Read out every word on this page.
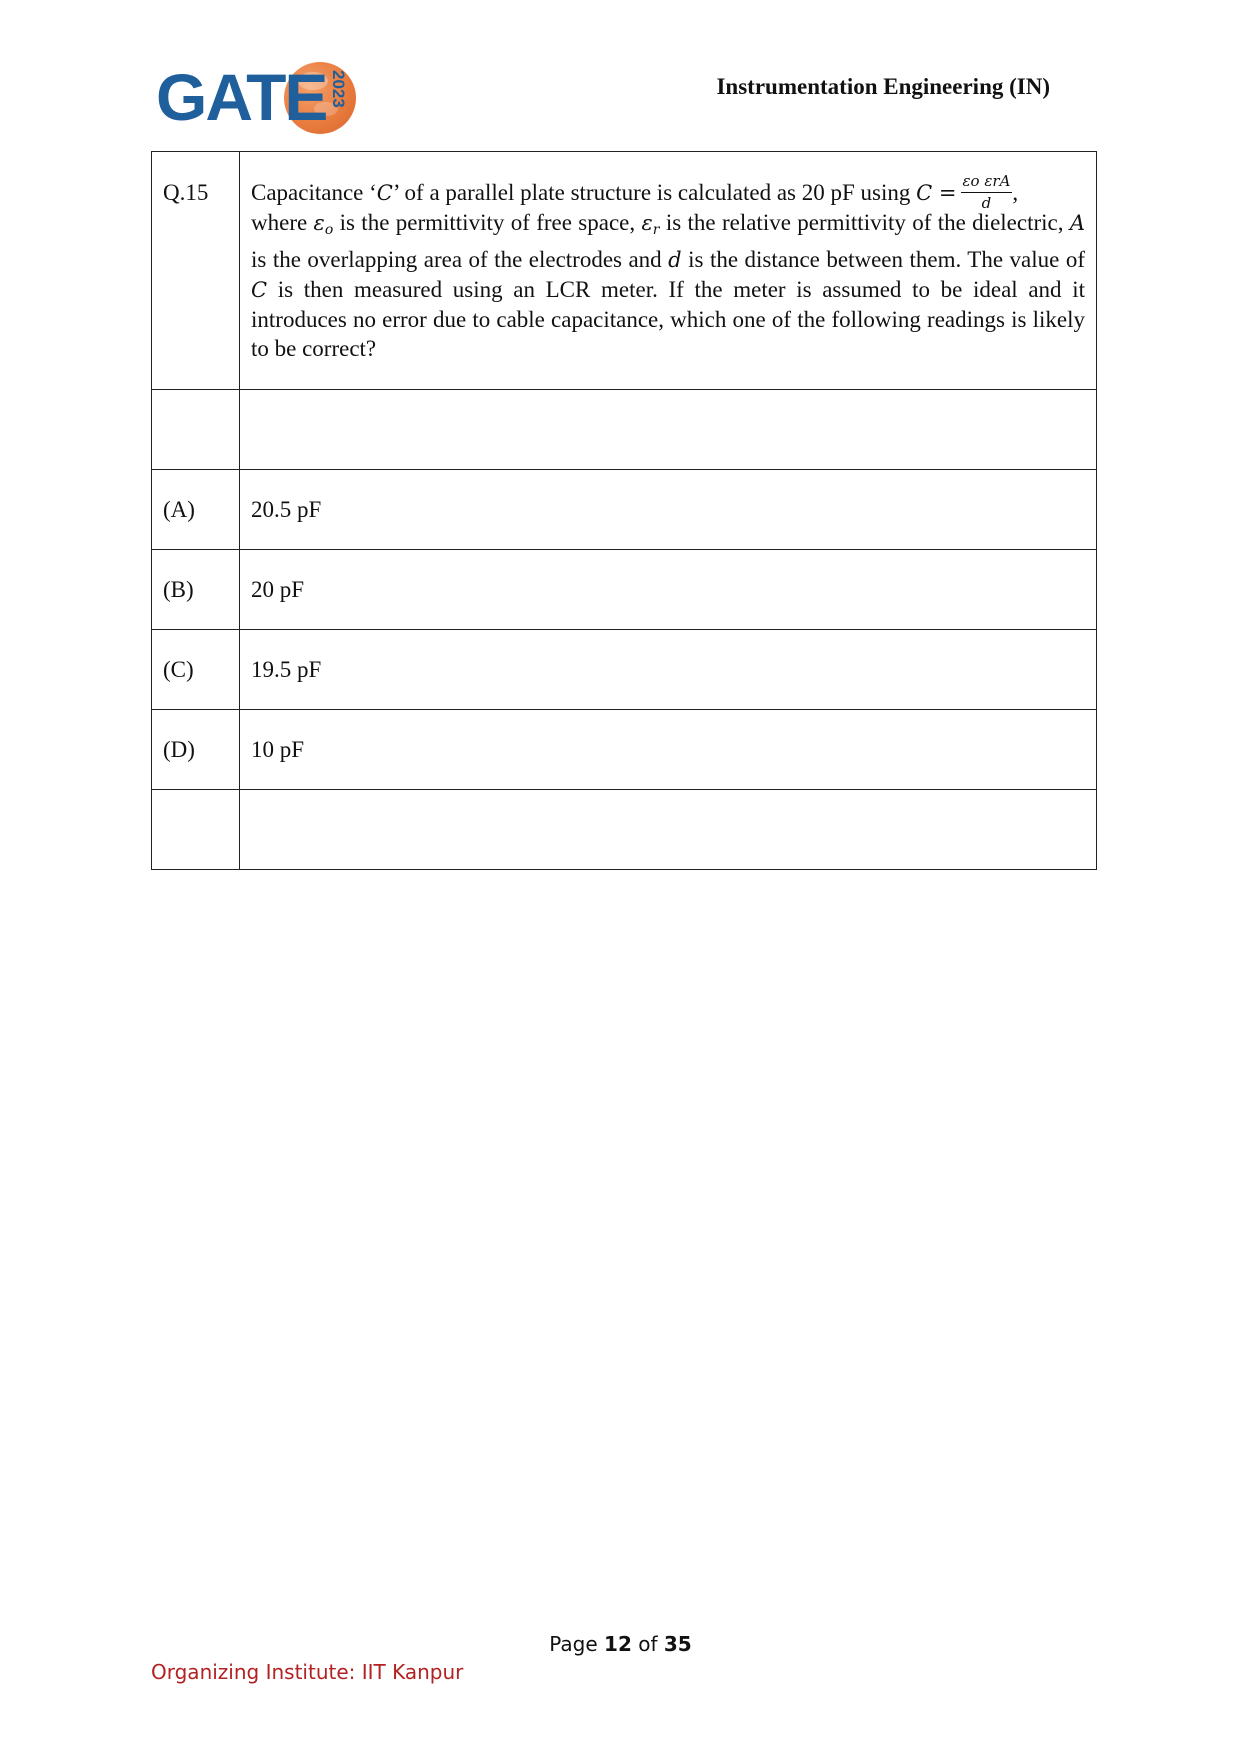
GATE 2023	Instrumentation Engineering (IN)
Q.15	Capacitance ‘C’ of a parallel plate structure is calculated as 20 pF using $C = \frac{\text{εo εrA}}{d}$ ,
where $\varepsilon_o$ is the permittivity of free space, $\varepsilon_r$ is the relative permittivity of the dielectric, A is the overlapping area of the electrodes and d is the distance between them. The value of C is then measured using an LCR meter. If the meter is assumed to be ideal and it introduces no error due to cable capacitance, which one of the following readings is likely to be correct?

(A)	20.5 pF
(B)	20 pF
(C)	19.5 pF
(D)	10 pF

Page 12 of 35
Organizing Institute: IIT Kanpur
